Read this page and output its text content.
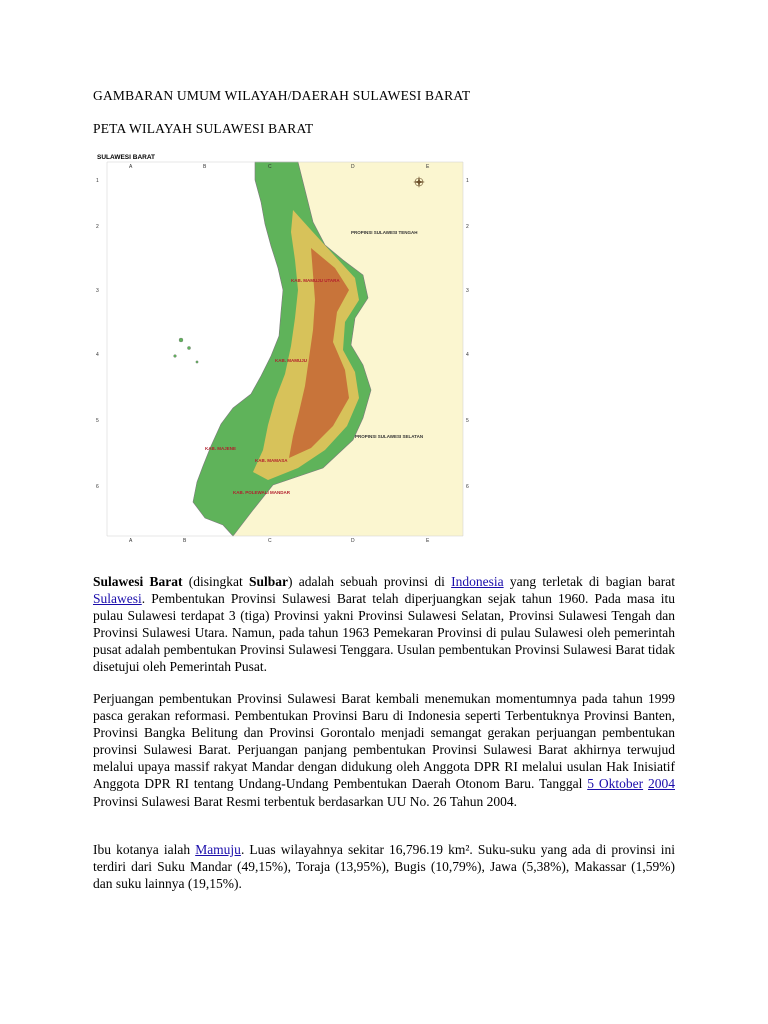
GAMBARAN UMUM WILAYAH/DAERAH SULAWESI BARAT
PETA WILAYAH SULAWESI BARAT
SULAWESI BARAT
A	B	C	D	E
A	B	C	D	E
1
2
3
4
5
6
1
2
3
4
5
6
PROPINSI SULAWESI TENGAH
PROPINSI SULAWESI SELATAN
KAB. MAMUJU UTARA
KAB. MAMUJU
KAB. MAJENE
KAB. MAMASA
KAB. POLEWALI MANDAR

Sulawesi Barat (disingkat Sulbar) adalah sebuah provinsi di Indonesia yang terletak di bagian barat Sulawesi. Pembentukan Provinsi Sulawesi Barat telah diperjuangkan sejak tahun 1960. Pada masa itu pulau Sulawesi terdapat 3 (tiga) Provinsi yakni Provinsi Sulawesi Selatan, Provinsi Sulawesi Tengah dan Provinsi Sulawesi Utara. Namun, pada tahun 1963 Pemekaran Provinsi di pulau Sulawesi oleh pemerintah pusat adalah pembentukan Provinsi Sulawesi Tenggara. Usulan pembentukan Provinsi Sulawesi Barat tidak disetujui oleh Pemerintah Pusat.

Perjuangan pembentukan Provinsi Sulawesi Barat kembali menemukan momentumnya pada tahun 1999 pasca gerakan reformasi. Pembentukan Provinsi Baru di Indonesia seperti Terbentuknya Provinsi Banten, Provinsi Bangka Belitung dan Provinsi Gorontalo menjadi semangat gerakan perjuangan pembentukan provinsi Sulawesi Barat. Perjuangan panjang pembentukan Provinsi Sulawesi Barat akhirnya terwujud melalui upaya massif rakyat Mandar dengan didukung oleh Anggota DPR RI melalui usulan Hak Inisiatif Anggota DPR RI tentang Undang-Undang Pembentukan Daerah Otonom Baru. Tanggal 5 Oktober 2004 Provinsi Sulawesi Barat Resmi terbentuk berdasarkan UU No. 26 Tahun 2004.

Ibu kotanya ialah Mamuju. Luas wilayahnya sekitar 16,796.19 km². Suku-suku yang ada di provinsi ini terdiri dari Suku Mandar (49,15%), Toraja (13,95%), Bugis (10,79%), Jawa (5,38%), Makassar (1,59%) dan suku lainnya (19,15%).
